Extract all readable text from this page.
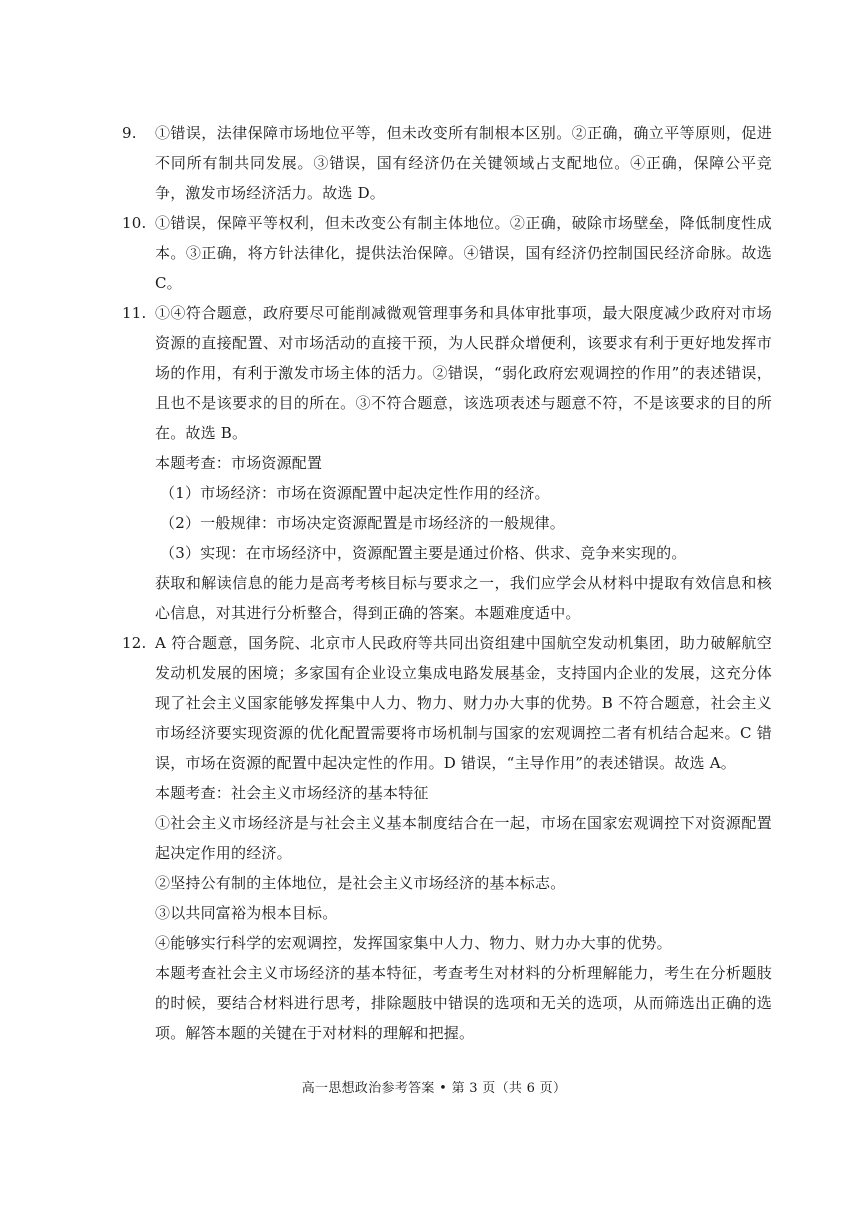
9. ①错误，法律保障市场地位平等，但未改变所有制根本区别。②正确，确立平等原则，促进不同所有制共同发展。③错误，国有经济仍在关键领域占支配地位。④正确，保障公平竞争，激发市场经济活力。故选 D。
10. ①错误，保障平等权利，但未改变公有制主体地位。②正确，破除市场壁垒，降低制度性成本。③正确，将方针法律化，提供法治保障。④错误，国有经济仍控制国民经济命脉。故选 C。
11. ①④符合题意，政府要尽可能削减微观管理事务和具体审批事项，最大限度减少政府对市场资源的直接配置、对市场活动的直接干预，为人民群众增便利，该要求有利于更好地发挥市场的作用，有利于激发市场主体的活力。②错误，“弱化政府宏观调控的作用”的表述错误，且也不是该要求的目的所在。③不符合题意，该选项表述与题意不符，不是该要求的目的所在。故选 B。
本题考查：市场资源配置
（1）市场经济：市场在资源配置中起决定性作用的经济。
（2）一般规律：市场决定资源配置是市场经济的一般规律。
（3）实现：在市场经济中，资源配置主要是通过价格、供求、竞争来实现的。
获取和解读信息的能力是高考考核目标与要求之一，我们应学会从材料中提取有效信息和核心信息，对其进行分析整合，得到正确的答案。本题难度适中。
12. A 符合题意，国务院、北京市人民政府等共同出资组建中国航空发动机集团，助力破解航空发动机发展的困境；多家国有企业设立集成电路发展基金，支持国内企业的发展，这充分体现了社会主义国家能够发挥集中人力、物力、财力办大事的优势。B 不符合题意，社会主义市场经济要实现资源的优化配置需要将市场机制与国家的宏观调控二者有机结合起来。C 错误，市场在资源的配置中起决定性的作用。D 错误，“主导作用”的表述错误。故选 A。
本题考查：社会主义市场经济的基本特征
①社会主义市场经济是与社会主义基本制度结合在一起，市场在国家宏观调控下对资源配置起决定作用的经济。
②坚持公有制的主体地位，是社会主义市场经济的基本标志。
③以共同富裕为根本目标。
④能够实行科学的宏观调控，发挥国家集中人力、物力、财力办大事的优势。
本题考查社会主义市场经济的基本特征，考查考生对材料的分析理解能力，考生在分析题肢的时候，要结合材料进行思考，排除题肢中错误的选项和无关的选项，从而筛选出正确的选项。解答本题的关键在于对材料的理解和把握。
高一思想政治参考答案 • 第 3 页（共 6 页）
